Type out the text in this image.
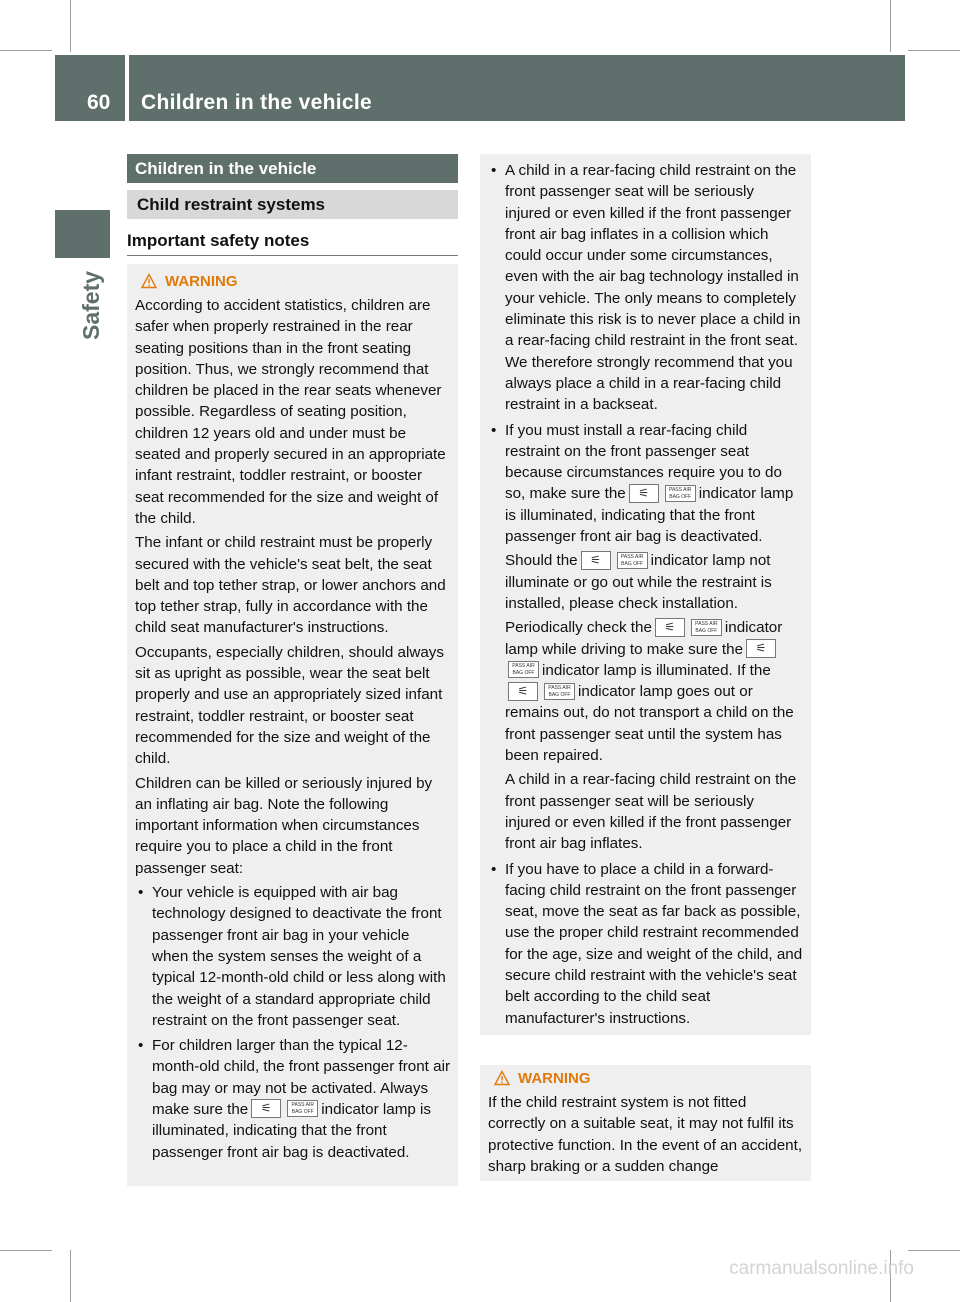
60 Children in the vehicle
Safety
Children in the vehicle
Child restraint systems
Important safety notes
WARNING

According to accident statistics, children are safer when properly restrained in the rear seating positions than in the front seating position. Thus, we strongly recommend that children be placed in the rear seats whenever possible. Regardless of seating position, children 12 years old and under must be seated and properly secured in an appropriate infant restraint, toddler restraint, or booster seat recommended for the size and weight of the child.

The infant or child restraint must be properly secured with the vehicle's seat belt, the seat belt and top tether strap, or lower anchors and top tether strap, fully in accordance with the child seat manufacturer's instructions.

Occupants, especially children, should always sit as upright as possible, wear the seat belt properly and use an appropriately sized infant restraint, toddler restraint, or booster seat recommended for the size and weight of the child.

Children can be killed or seriously injured by an inflating air bag. Note the following important information when circumstances require you to place a child in the front passenger seat:

• Your vehicle is equipped with air bag technology designed to deactivate the front passenger front air bag in your vehicle when the system senses the weight of a typical 12-month-old child or less along with the weight of a standard appropriate child restraint on the front passenger seat.
• For children larger than the typical 12-month-old child, the front passenger front air bag may or may not be activated. Always make sure the ⚟	PASS AIR BAG OFF indicator lamp is illuminated, indicating that the front passenger front air bag is deactivated.
• A child in a rear-facing child restraint on the front passenger seat will be seriously injured or even killed if the front passenger front air bag inflates in a collision which could occur under some circumstances, even with the air bag technology installed in your vehicle. The only means to completely eliminate this risk is to never place a child in a rear-facing child restraint in the front seat. We therefore strongly recommend that you always place a child in a rear-facing child restraint in a backseat.
• If you must install a rear-facing child restraint on the front passenger seat because circumstances require you to do so, make sure the ⚟	PASS AIR BAG OFF indicator lamp is illuminated, indicating that the front passenger front air bag is deactivated.
Should the ⚟	PASS AIR BAG OFF indicator lamp not illuminate or go out while the restraint is installed, please check installation.
Periodically check the ⚟	PASS AIR BAG OFF indicator lamp while driving to make sure the ⚟PASS AIR BAG OFF indicator lamp is illuminated. If the⚟	PASS AIR BAG OFF indicator lamp goes out or remains out, do not transport a child on the front passenger seat until the system has been repaired.
A child in a rear-facing child restraint on the front passenger seat will be seriously injured or even killed if the front passenger front air bag inflates.
• If you have to place a child in a forward-facing child restraint on the front passenger seat, move the seat as far back as possible, use the proper child restraint recommended for the age, size and weight of the child, and secure child restraint with the vehicle's seat belt according to the child seat manufacturer's instructions.
WARNING

If the child restraint system is not fitted correctly on a suitable seat, it may not fulfil its protective function. In the event of an accident, sharp braking or a sudden change

carmanualsonline.info
